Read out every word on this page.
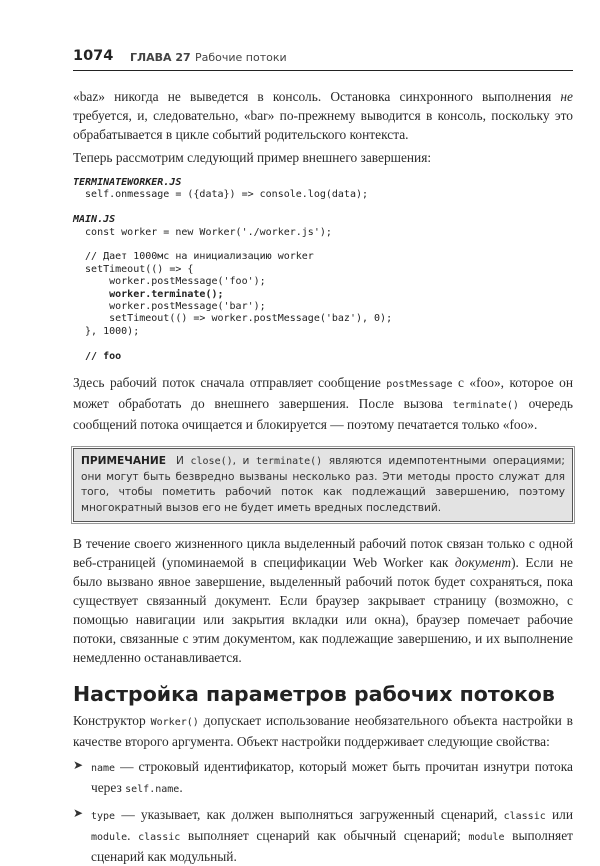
1074 ГЛАВА 27 Рабочие потоки

«baz» никогда не выведется в консоль. Остановка синхронного выполнения не требуется, и, следовательно, «bar» по-прежнему выводится в консоль, поскольку это обрабатывается в цикле событий родительского контекста.

Теперь рассмотрим следующий пример внешнего завершения:

TERMINATEWORKER.JS
self.onmessage = ({data}) => console.log(data);
MAIN.JS
const worker = new Worker('./worker.js');
// Дает 1000мс на инициализацию worker
setTimeout(() => {
worker.postMessage('foo');
worker.terminate();
worker.postMessage('bar');
setTimeout(() => worker.postMessage('baz'), 0);
}, 1000);
// foo

Здесь рабочий поток сначала отправляет сообщение postMessage с «foo», которое он может обработать до внешнего завершения. После вызова terminate() очередь сообщений потока очищается и блокируется — поэтому печатается только «foo».

ПРИМЕЧАНИЕ И close(), и terminate() являются идемпотентными операциями; они могут быть безвредно вызваны несколько раз. Эти методы просто служат для того, чтобы пометить рабочий поток как подлежащий завершению, поэтому многократный вызов его не будет иметь вредных последствий.

В течение своего жизненного цикла выделенный рабочий поток связан только с одной веб-страницей (упоминаемой в спецификации Web Worker как документ). Если не было вызвано явное завершение, выделенный рабочий поток будет сохраняться, пока существует связанный документ. Если браузер закрывает страницу (возможно, с помощью навигации или закрытия вкладки или окна), браузер помечает рабочие потоки, связанные с этим документом, как подлежащие завершению, и их выполнение немедленно останавливается.

Настройка параметров рабочих потоков

Конструктор Worker() допускает использование необязательного объекта настройки в качестве второго аргумента. Объект настройки поддерживает следующие свойства:

➤ name — строковый идентификатор, который может быть прочитан изнутри потока через self.name.

➤ type — указывает, как должен выполняться загруженный сценарий, classic или module. classic выполняет сценарий как обычный сценарий; module выполняет сценарий как модульный.
